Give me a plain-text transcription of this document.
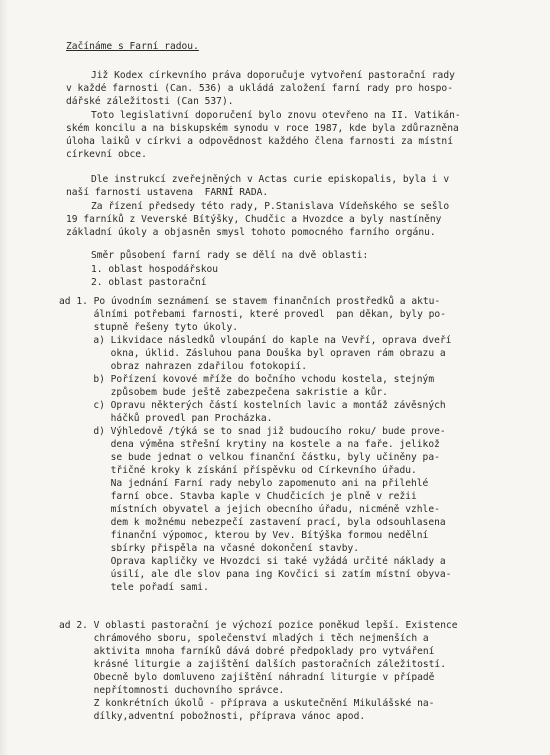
Začínáme s Farní radou.
Již Kodex církevního práva doporučuje vytvoření pastorační rady
v každé farnosti (Can. 536) a ukládá založení farní rady pro hospo-
dářské záležitosti (Can 537).
Toto legislativní doporučení bylo znovu otevřeno na II. Vatikán-
ském koncilu a na biskupském synodu v roce 1987, kde byla zdůrazněna
úloha laiků v církvi a odpovědnost každého člena farnosti za místní
církevní obce.
Dle instrukcí zveřejněných v Actas curie episkopalis, byla i v
naší farnosti ustavena  FARNÍ RADA.
Za řízení předsedy této rady, P.Stanislava Vídeňského se sešlo
19 farníků z Veverské Bítýšky, Chudčic a Hvozdce a byly nastíněny
základní úkoly a objasněn smysl tohoto pomocného farního orgánu.
Směr působení farní rady se dělí na dvě oblasti:
1. oblast hospodářskou
2. oblast pastorační
ad 1. Po úvodním seznámení se stavem finančních prostředků a aktu-
álními potřebami farnosti, které provedl  pan děkan, byly po-
stupně řešeny tyto úkoly.
a) Likvidace následků vloupání do kaple na Vevří, oprava dveří
okna, úklid. Zásluhou pana Douška byl opraven rám obrazu a
obraz nahrazen zdařilou fotokopií.
b) Pořízení kovové mříže do bočního vchodu kostela, stejným
způsobem bude ještě zabezpečena sakristie a kůr.
c) Opravu některých částí kostelních lavic a montáž závěsných
háčků provedl pan Procházka.
d) Výhledově /týká se to snad již budoucího roku/ bude prove-
dena výměna střešní krytiny na kostele a na faře. jelikož
se bude jednat o velkou finanční částku, byly učiněny pa-
třičné kroky k získání příspěvku od Církevního úřadu.
Na jednání Farní rady nebylo zapomenuto ani na přilehlé
farní obce. Stavba kaple v Chudčicích je plně v režii
místních obyvatel a jejich obecního úřadu, nicméně vzhle-
dem k možnému nebezpečí zastavení prací, byla odsouhlasena
finanční výpomoc, kterou by Vev. Bítýška formou nedělní
sbírky přispěla na včasné dokončení stavby.
Oprava kapličky ve Hvozdci si také vyžádá určité náklady a
úsilí, ale dle slov pana ing Kovčici si zatím místní obyva-
tele pořadí sami.
ad 2. V oblasti pastorační je výchozí pozice poněkud lepší. Existence
chrámového sboru, společenství mladých i těch nejmenších a
aktivita mnoha farníků dává dobré předpoklady pro vytváření
krásné liturgie a zajištění dalších pastoračních záležitostí.
Obecně bylo domluveno zajištění náhradní liturgie v případě
nepřítomnosti duchovního správce.
Z konkrétních úkolů - příprava a uskutečnění Mikulášské na-
dílky,adventní pobožnosti, příprava vánoc apod.
